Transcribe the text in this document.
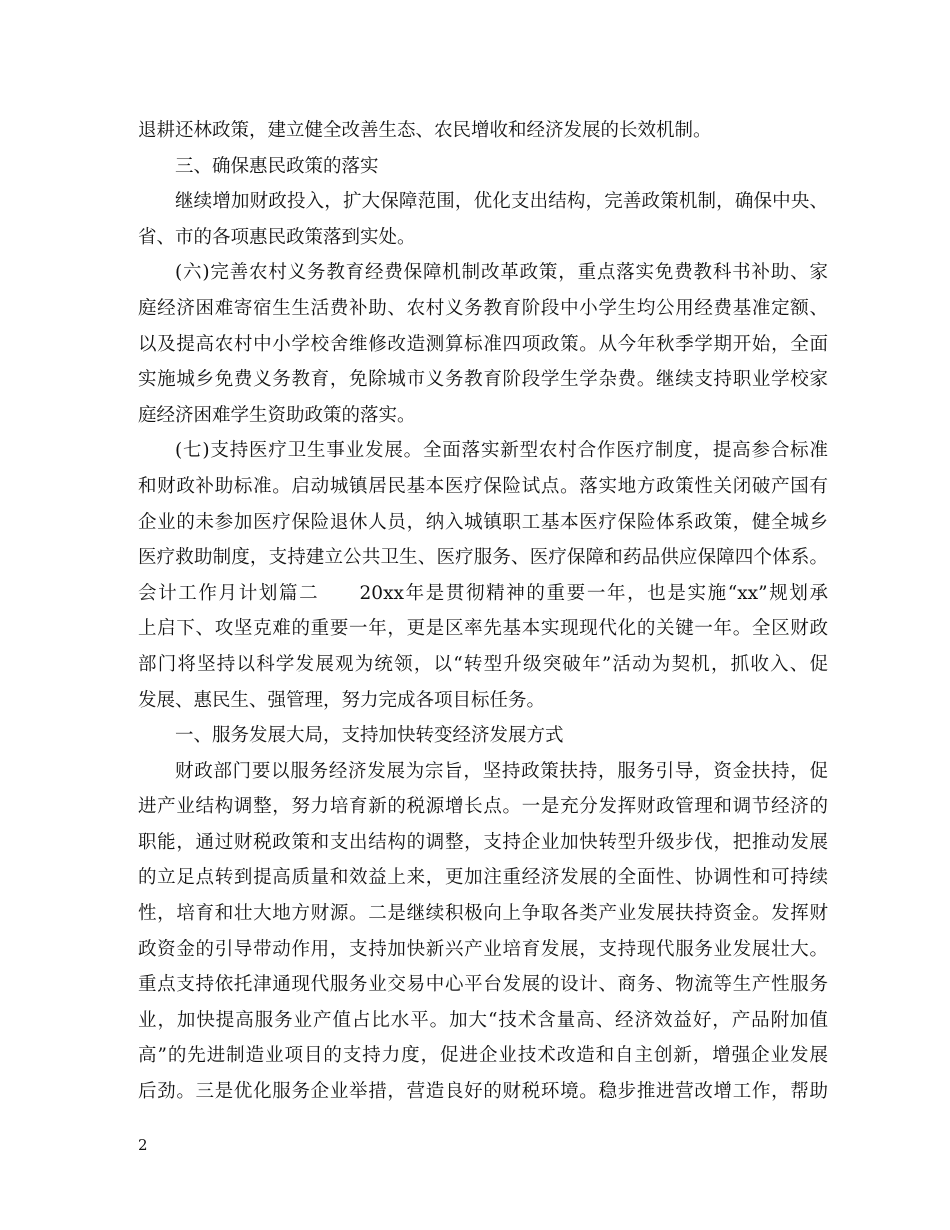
退耕还林政策，建立健全改善生态、农民增收和经济发展的长效机制。
三、确保惠民政策的落实
继续增加财政投入，扩大保障范围，优化支出结构，完善政策机制，确保中央、
省、市的各项惠民政策落到实处。
(六)完善农村义务教育经费保障机制改革政策，重点落实免费教科书补助、家
庭经济困难寄宿生生活费补助、农村义务教育阶段中小学生均公用经费基准定额、
以及提高农村中小学校舍维修改造测算标准四项政策。从今年秋季学期开始，全面
实施城乡免费义务教育，免除城市义务教育阶段学生学杂费。继续支持职业学校家
庭经济困难学生资助政策的落实。
(七)支持医疗卫生事业发展。全面落实新型农村合作医疗制度，提高参合标准
和财政补助标准。启动城镇居民基本医疗保险试点。落实地方政策性关闭破产国有
企业的未参加医疗保险退休人员，纳入城镇职工基本医疗保险体系政策，健全城乡
医疗救助制度，支持建立公共卫生、医疗服务、医疗保障和药品供应保障四个体系。
会计工作月计划篇二　　20xx年是贯彻精神的重要一年，也是实施“xx”规划承
上启下、攻坚克难的重要一年，更是区率先基本实现现代化的关键一年。全区财政
部门将坚持以科学发展观为统领，以“转型升级突破年”活动为契机，抓收入、促
发展、惠民生、强管理，努力完成各项目标任务。
一、服务发展大局，支持加快转变经济发展方式
财政部门要以服务经济发展为宗旨，坚持政策扶持，服务引导，资金扶持，促
进产业结构调整，努力培育新的税源增长点。一是充分发挥财政管理和调节经济的
职能，通过财税政策和支出结构的调整，支持企业加快转型升级步伐，把推动发展
的立足点转到提高质量和效益上来，更加注重经济发展的全面性、协调性和可持续
性，培育和壮大地方财源。二是继续积极向上争取各类产业发展扶持资金。发挥财
政资金的引导带动作用，支持加快新兴产业培育发展，支持现代服务业发展壮大。
重点支持依托津通现代服务业交易中心平台发展的设计、商务、物流等生产性服务
业，加快提高服务业产值占比水平。加大“技术含量高、经济效益好，产品附加值
高”的先进制造业项目的支持力度，促进企业技术改造和自主创新，增强企业发展
后劲。三是优化服务企业举措，营造良好的财税环境。稳步推进营改增工作，帮助
2
